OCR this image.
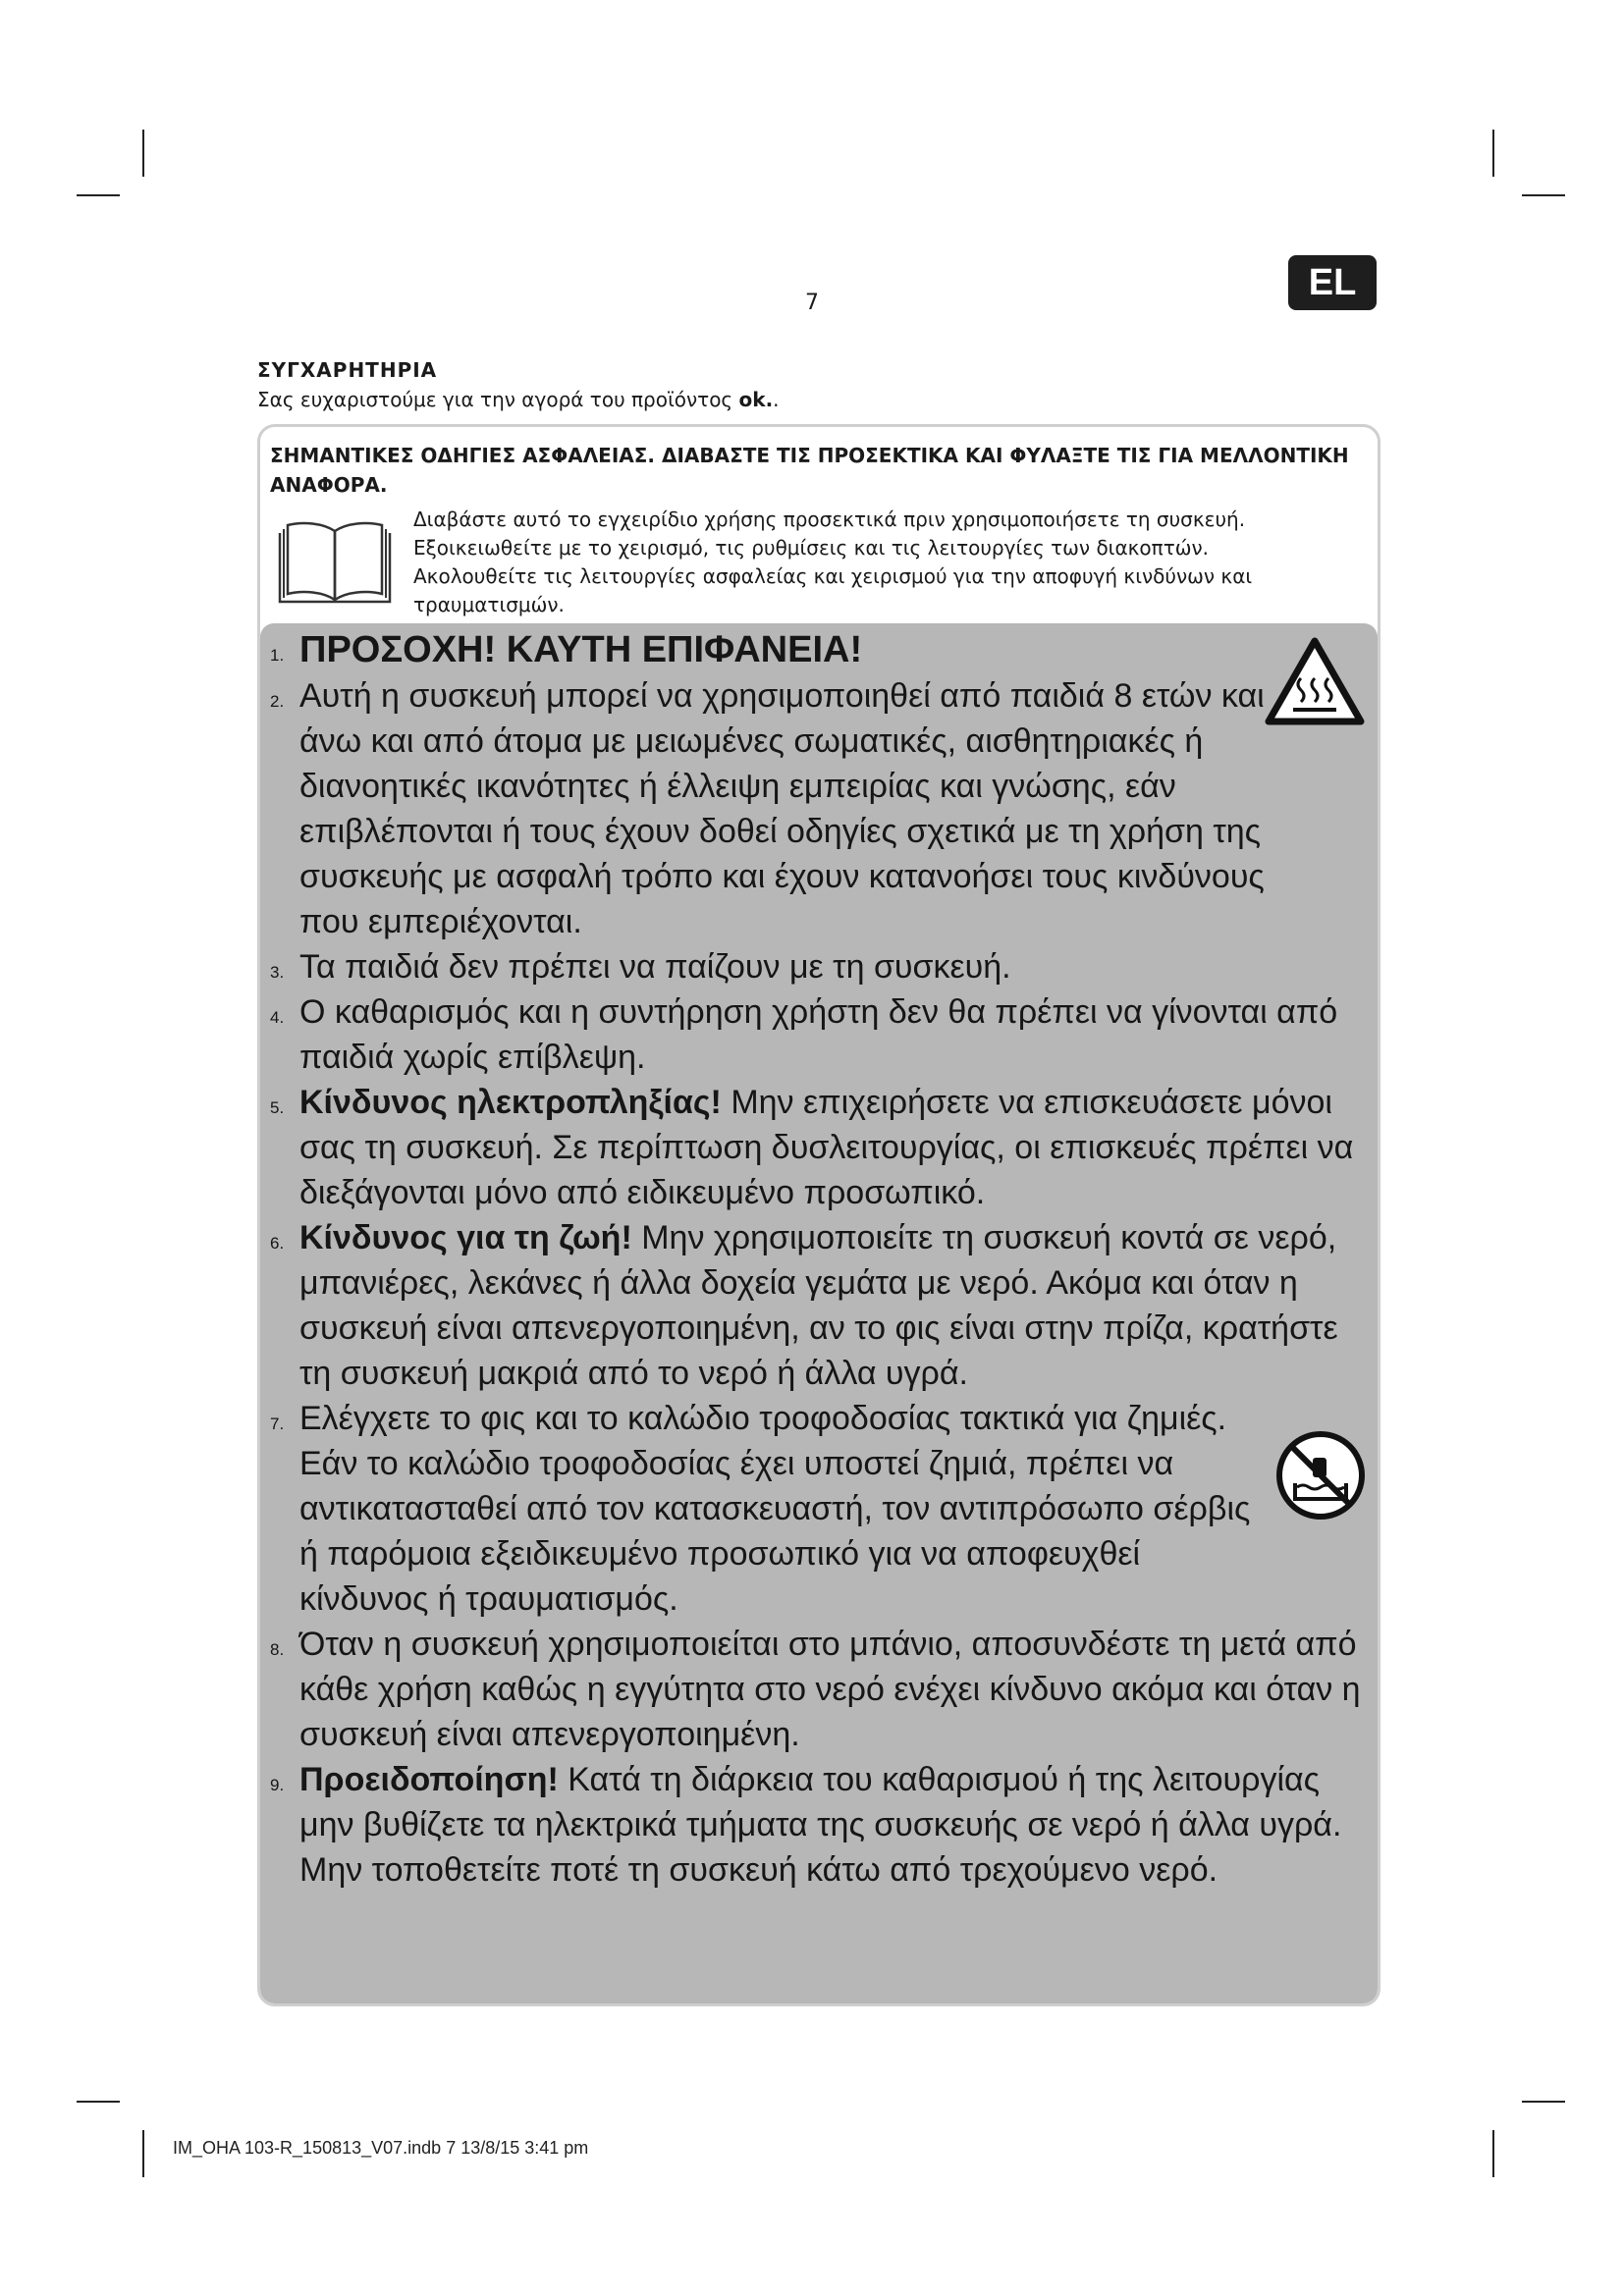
7	EL
ΣΥΓΧΑΡΗΤΗΡΙΑ
Σας ευχαριστούμε για την αγορά του προϊόντος ok..
ΣΗΜΑΝΤΙΚΕΣ ΟΔΗΓΙΕΣ ΑΣΦΑΛΕΙΑΣ. ΔΙΑΒΑΣΤΕ ΤΙΣ ΠΡΟΣΕΚΤΙΚΑ ΚΑΙ ΦΥΛΑΞΤΕ ΤΙΣ ΓΙΑ ΜΕΛΛΟΝΤΙΚΗ ΑΝΑΦΟΡΑ.
Διαβάστε αυτό το εγχειρίδιο χρήσης προσεκτικά πριν χρησιμοποιήσετε τη συσκευή.
Εξοικειωθείτε με το χειρισμό, τις ρυθμίσεις και τις λειτουργίες των διακοπτών.
Ακολουθείτε τις λειτουργίες ασφαλείας και χειρισμού για την αποφυγή κινδύνων και τραυματισμών.
1. ΠΡΟΣΟΧΗ! ΚΑΥΤΗ ΕΠΙΦΑΝΕΙΑ!
2. Αυτή η συσκευή μπορεί να χρησιμοποιηθεί από παιδιά 8 ετών και άνω και από άτομα με μειωμένες σωματικές, αισθητηριακές ή διανοητικές ικανότητες ή έλλειψη εμπειρίας και γνώσης, εάν επιβλέπονται ή τους έχουν δοθεί οδηγίες σχετικά με τη χρήση της συσκευής με ασφαλή τρόπο και έχουν κατανοήσει τους κινδύνους που εμπεριέχονται.
3. Τα παιδιά δεν πρέπει να παίζουν με τη συσκευή.
4. Ο καθαρισμός και η συντήρηση χρήστη δεν θα πρέπει να γίνονται από παιδιά χωρίς επίβλεψη.
5. Κίνδυνος ηλεκτροπληξίας! Μην επιχειρήσετε να επισκευάσετε μόνοι σας τη συσκευή. Σε περίπτωση δυσλειτουργίας, οι επισκευές πρέπει να διεξάγονται μόνο από ειδικευμένο προσωπικό.
6. Κίνδυνος για τη ζωή! Μην χρησιμοποιείτε τη συσκευή κοντά σε νερό, μπανιέρες, λεκάνες ή άλλα δοχεία γεμάτα με νερό. Ακόμα και όταν η συσκευή είναι απενεργοποιημένη, αν το φις είναι στην πρίζα, κρατήστε τη συσκευή μακριά από το νερό ή άλλα υγρά.
7. Ελέγχετε το φις και το καλώδιο τροφοδοσίας τακτικά για ζημιές. Εάν το καλώδιο τροφοδοσίας έχει υποστεί ζημιά, πρέπει να αντικατασταθεί από τον κατασκευαστή, τον αντιπρόσωπο σέρβις ή παρόμοια εξειδικευμένο προσωπικό για να αποφευχθεί κίνδυνος ή τραυματισμός.
8. Όταν η συσκευή χρησιμοποιείται στο μπάνιο, αποσυνδέστε τη μετά από κάθε χρήση καθώς η εγγύτητα στο νερό ενέχει κίνδυνο ακόμα και όταν η συσκευή είναι απενεργοποιημένη.
9. Προειδοποίηση! Κατά τη διάρκεια του καθαρισμού ή της λειτουργίας μην βυθίζετε τα ηλεκτρικά τμήματα της συσκευής σε νερό ή άλλα υγρά. Μην τοποθετείτε ποτέ τη συσκευή κάτω από τρεχούμενο νερό.
IM_OHA 103-R_150813_V07.indb 7 13/8/15 3:41 pm
